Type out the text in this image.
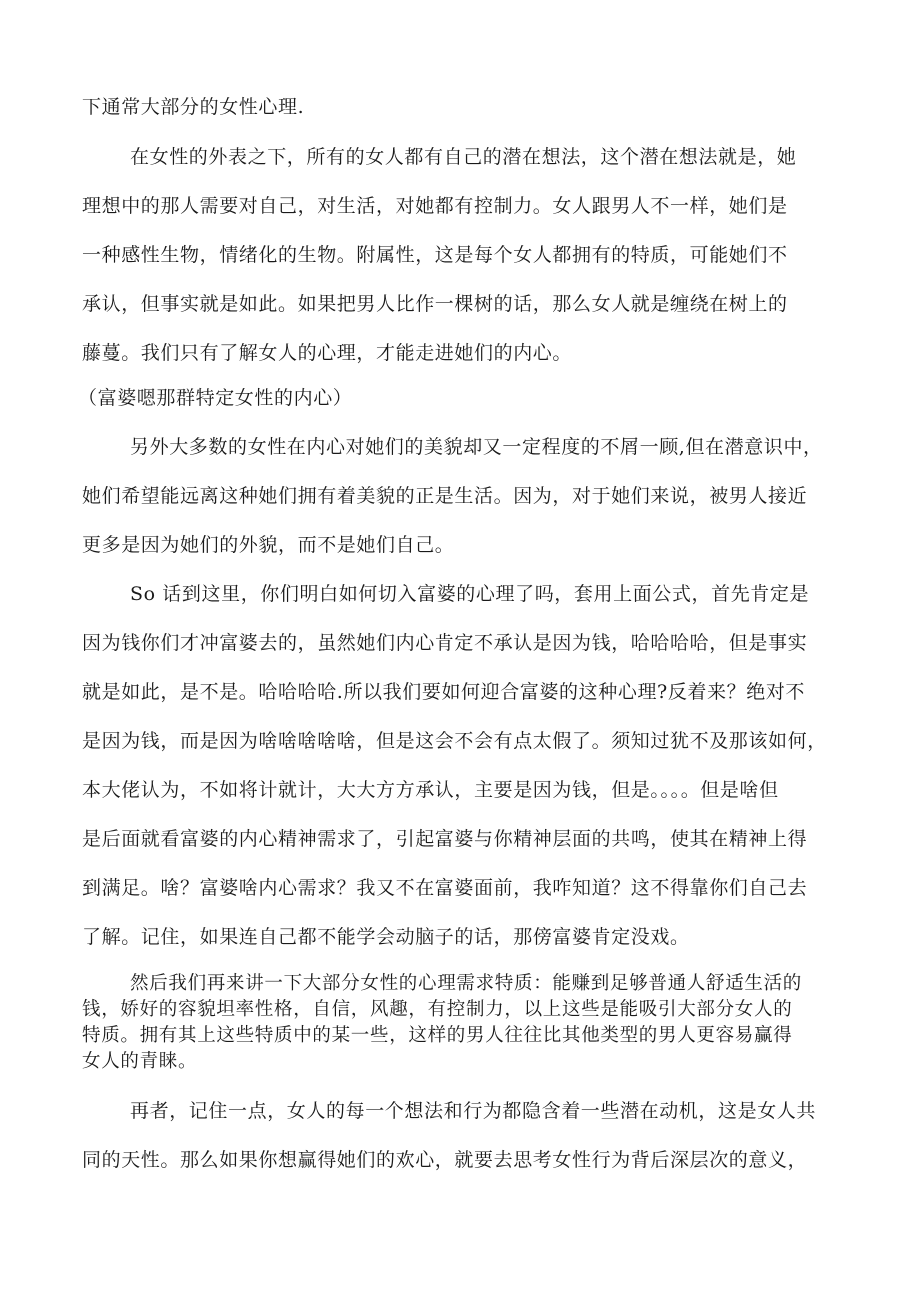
下通常大部分的女性心理.
在女性的外表之下，所有的女人都有自己的潜在想法，这个潜在想法就是，她
理想中的那人需要对自己，对生活，对她都有控制力。女人跟男人不一样，她们是
一种感性生物，情绪化的生物。附属性，这是每个女人都拥有的特质，可能她们不
承认，但事实就是如此。如果把男人比作一棵树的话，那么女人就是缠绕在树上的
藤蔓。我们只有了解女人的心理，才能走进她们的内心。
（富婆嗯那群特定女性的内心）
另外大多数的女性在内心对她们的美貌却又一定程度的不屑一顾,但在潜意识中，
她们希望能远离这种她们拥有着美貌的正是生活。因为，对于她们来说，被男人接近
更多是因为她们的外貌，而不是她们自己。
So 话到这里，你们明白如何切入富婆的心理了吗，套用上面公式，首先肯定是
因为钱你们才冲富婆去的，虽然她们内心肯定不承认是因为钱，哈哈哈哈，但是事实
就是如此，是不是。哈哈哈哈.所以我们要如何迎合富婆的这种心理?反着来？绝对不
是因为钱，而是因为啥啥啥啥啥，但是这会不会有点太假了。须知过犹不及那该如何，
本大佬认为，不如将计就计，大大方方承认，主要是因为钱，但是。。。。但是啥但
是后面就看富婆的内心精神需求了，引起富婆与你精神层面的共鸣，使其在精神上得
到满足。啥？富婆啥内心需求？我又不在富婆面前，我咋知道？这不得靠你们自己去
了解。记住，如果连自己都不能学会动脑子的话，那傍富婆肯定没戏。
然后我们再来讲一下大部分女性的心理需求特质：能赚到足够普通人舒适生活的
钱，娇好的容貌坦率性格，自信，风趣，有控制力，以上这些是能吸引大部分女人的
特质。拥有其上这些特质中的某一些，这样的男人往往比其他类型的男人更容易赢得
女人的青睐。
再者，记住一点，女人的每一个想法和行为都隐含着一些潜在动机，这是女人共
同的天性。那么如果你想赢得她们的欢心，就要去思考女性行为背后深层次的意义，
